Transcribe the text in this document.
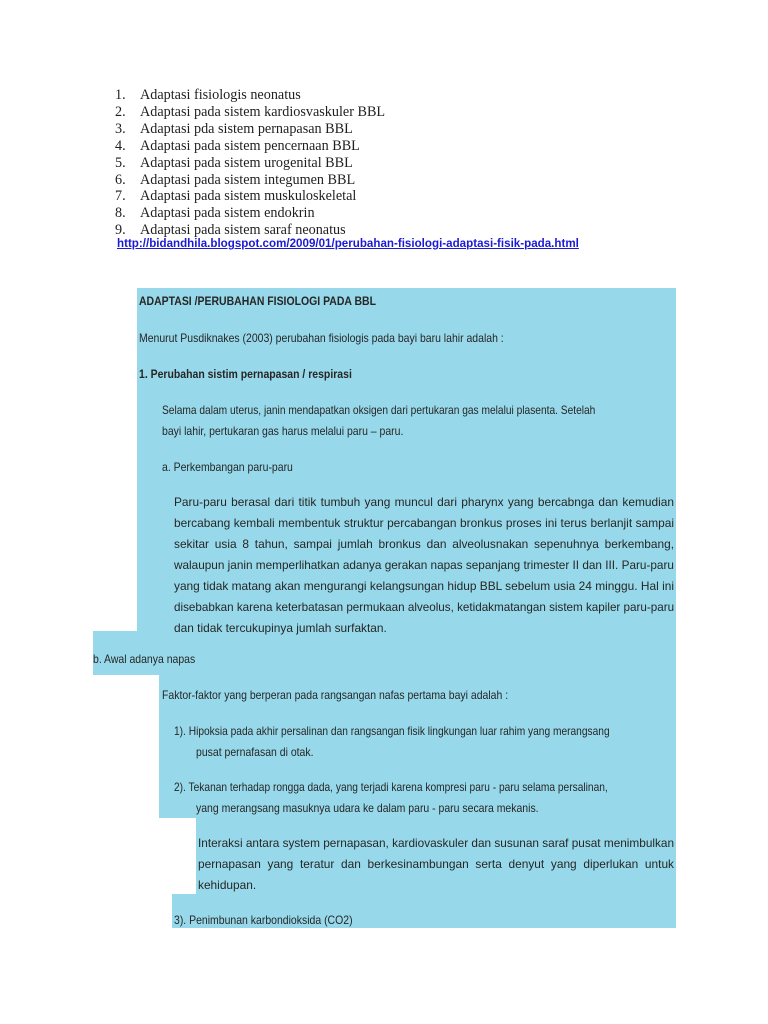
1.	Adaptasi fisiologis neonatus
2.	Adaptasi pada sistem kardiosvaskuler BBL
3.	Adaptasi pda sistem pernapasan BBL
4.	Adaptasi pada sistem pencernaan BBL
5.	Adaptasi pada sistem urogenital BBL
6.	Adaptasi pada sistem integumen BBL
7.	Adaptasi pada sistem muskuloskeletal
8.	Adaptasi pada sistem endokrin
9.	Adaptasi pada sistem saraf neonatus
http://bidandhila.blogspot.com/2009/01/perubahan-fisiologi-adaptasi-fisik-pada.html
ADAPTASI /PERUBAHAN FISIOLOGI PADA BBL
Menurut Pusdiknakes (2003) perubahan fisiologis pada bayi baru lahir adalah :
1. Perubahan sistim pernapasan / respirasi
Selama dalam uterus, janin mendapatkan oksigen dari pertukaran gas melalui plasenta. Setelah
bayi lahir, pertukaran gas harus melalui paru – paru.
a. Perkembangan paru-paru
Paru-paru berasal dari titik tumbuh yang muncul dari pharynx yang bercabnga dan kemudian
bercabang kembali membentuk struktur percabangan bronkus proses ini terus berlanjit sampai
sekitar usia 8 tahun, sampai jumlah bronkus dan alveolusnakan sepenuhnya berkembang,
walaupun janin memperlihatkan adanya gerakan napas sepanjang trimester II dan III. Paru-paru
yang tidak matang akan mengurangi kelangsungan hidup BBL sebelum usia 24 minggu. Hal ini
disebabkan karena keterbatasan permukaan alveolus, ketidakmatangan sistem kapiler paru-paru
dan tidak tercukupinya jumlah surfaktan.
b. Awal adanya napas
Faktor-faktor yang berperan pada rangsangan nafas pertama bayi adalah :
1). Hipoksia pada akhir persalinan dan rangsangan fisik lingkungan luar rahim yang merangsang
pusat pernafasan di otak.
2). Tekanan terhadap rongga dada, yang terjadi karena kompresi paru - paru selama persalinan,
yang merangsang masuknya udara ke dalam paru - paru secara mekanis.
Interaksi antara system pernapasan, kardiovaskuler dan susunan saraf pusat menimbulkan
pernapasan yang teratur dan berkesinambungan serta denyut yang diperlukan untuk
kehidupan.
3). Penimbunan karbondioksida (CO2)
